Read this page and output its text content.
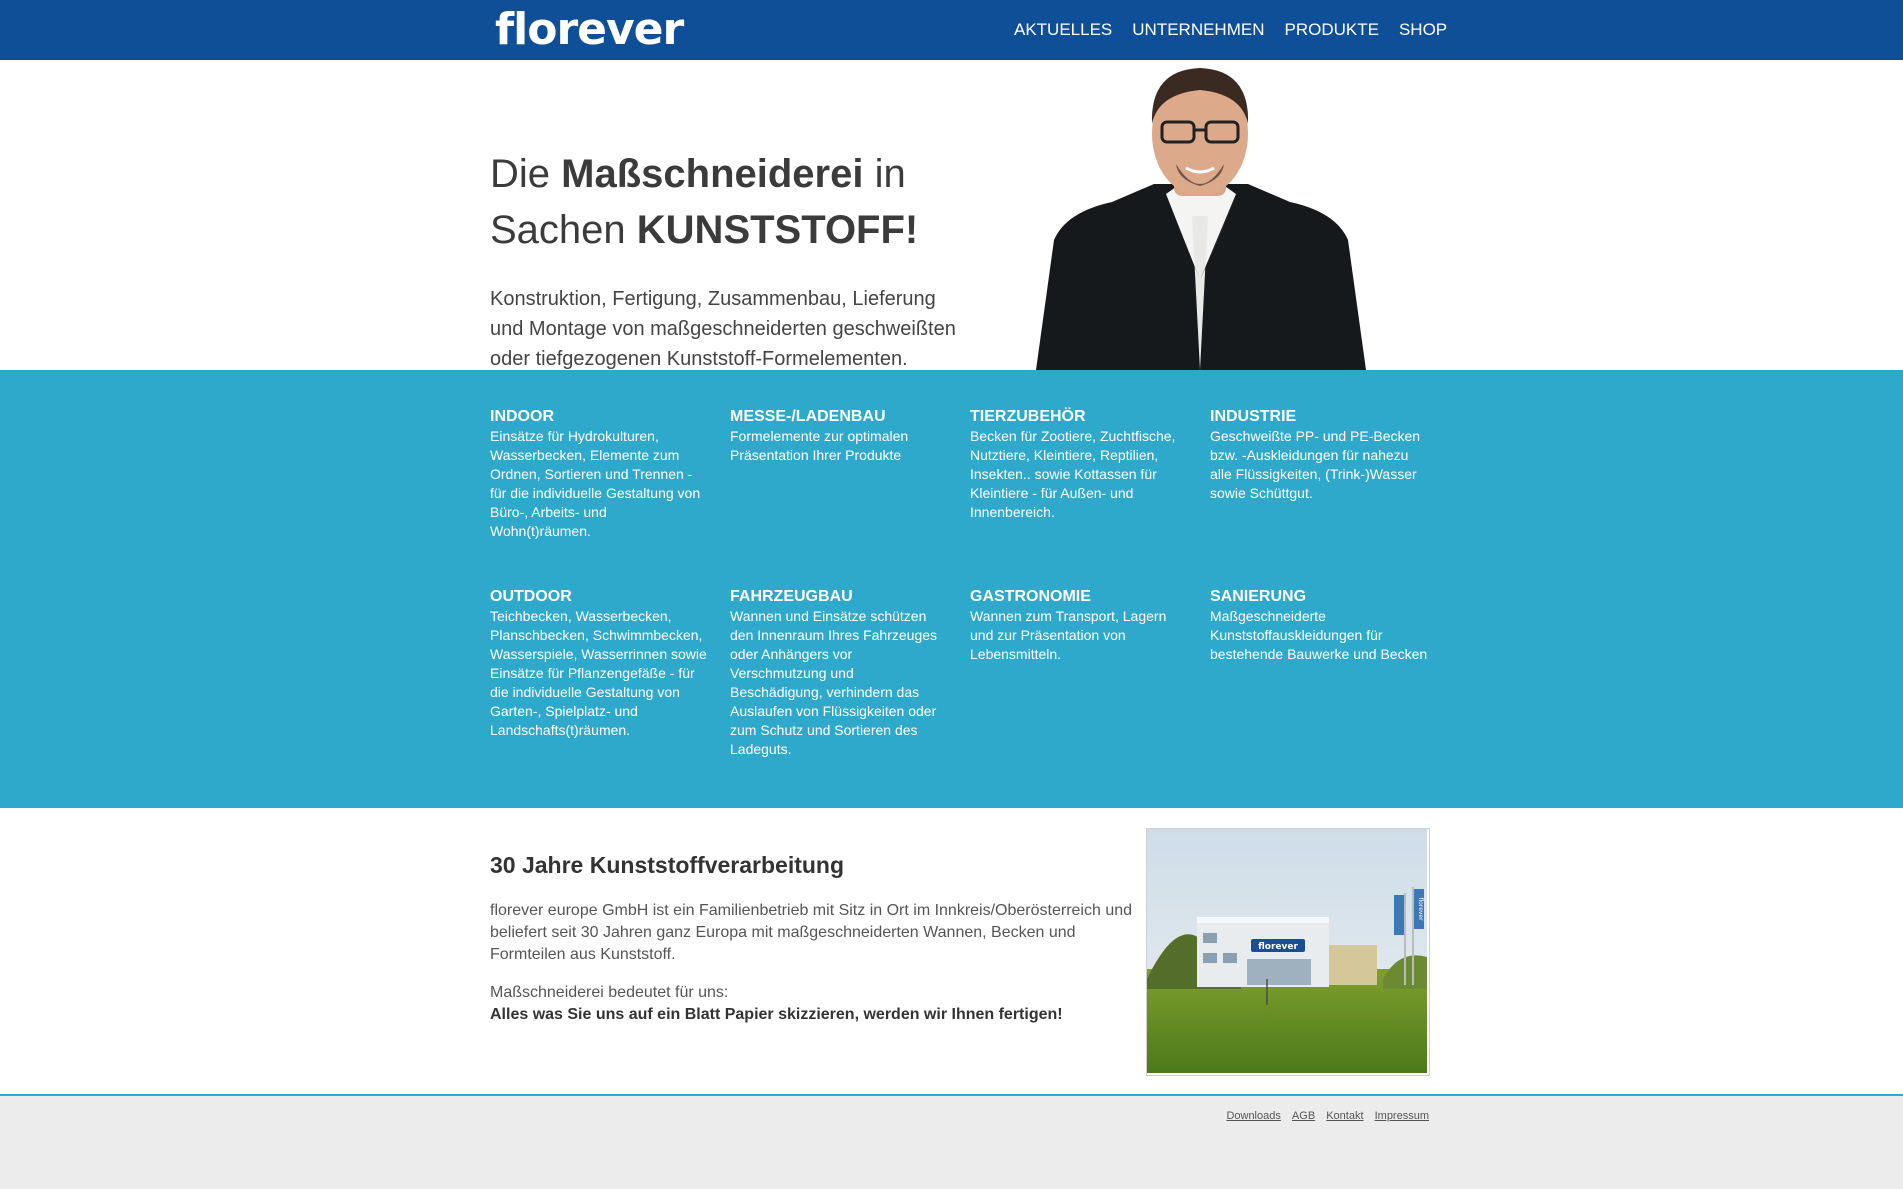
florever	AKTUELLES UNTERNEHMEN PRODUKTE SHOP
Die Maßschneiderei in
Sachen KUNSTSTOFF!

Konstruktion, Fertigung, Zusammenbau, Lieferung und Montage von maßgeschneiderten geschweißten oder tiefgezogenen Kunststoff-Formelementen.

INDOOR

Einsätze für Hydrokulturen, Wasserbecken, Elemente zum Ordnen, Sortieren und Trennen - für die individuelle Gestaltung von Büro-, Arbeits- und Wohn(t)räumen.

MESSE-/LADENBAU

Formelemente zur optimalen Präsentation Ihrer Produkte

TIERZUBEHÖR

Becken für Zootiere, Zuchtfische, Nutztiere, Kleintiere, Reptilien, Insekten.. sowie Kottassen für Kleintiere - für Außen- und Innenbereich.

INDUSTRIE

Geschweißte PP- und PE-Becken bzw. -Auskleidungen für nahezu alle Flüssigkeiten, (Trink-)Wasser sowie Schüttgut.

OUTDOOR

Teichbecken, Wasserbecken, Planschbecken, Schwimmbecken, Wasserspiele, Wasserrinnen sowie Einsätze für Pflanzengefäße - für die individuelle Gestaltung von Garten-, Spielplatz- und Landschafts(t)räumen.

FAHRZEUGBAU

Wannen und Einsätze schützen den Innenraum Ihres Fahrzeuges oder Anhängers vor Verschmutzung und Beschädigung, verhindern das Auslaufen von Flüssigkeiten oder zum Schutz und Sortieren des Ladeguts.

GASTRONOMIE

Wannen zum Transport, Lagern und zur Präsentation von Lebensmitteln.

SANIERUNG

Maßgeschneiderte Kunststoffauskleidungen für bestehende Bauwerke und Becken

30 Jahre Kunststoffverarbeitung

florever europe GmbH ist ein Familienbetrieb mit Sitz in Ort im Innkreis/Oberösterreich und beliefert seit 30 Jahren ganz Europa mit maßgeschneiderten Wannen, Becken und Formteilen aus Kunststoff.

Maßschneiderei bedeutet für uns:

Alles was Sie uns auf ein Blatt Papier skizzieren, werden wir Ihnen fertigen!

florever
florever
Downloads AGB Kontakt Impressum
